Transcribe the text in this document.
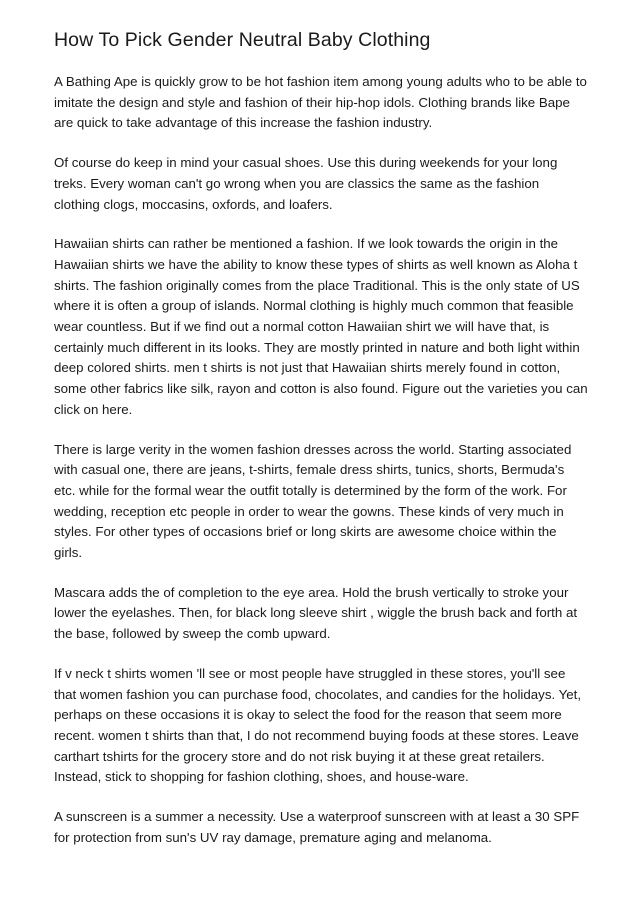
How To Pick Gender Neutral Baby Clothing

A Bathing Ape is quickly grow to be hot fashion item among young adults who to be able to imitate the design and style and fashion of their hip-hop idols. Clothing brands like Bape are quick to take advantage of this increase the fashion industry.

Of course do keep in mind your casual shoes. Use this during weekends for your long treks. Every woman can't go wrong when you are classics the same as the fashion clothing clogs, moccasins, oxfords, and loafers.

Hawaiian shirts can rather be mentioned a fashion. If we look towards the origin in the Hawaiian shirts we have the ability to know these types of shirts as well known as Aloha t shirts. The fashion originally comes from the place Traditional. This is the only state of US where it is often a group of islands. Normal clothing is highly much common that feasible wear countless. But if we find out a normal cotton Hawaiian shirt we will have that, is certainly much different in its looks. They are mostly printed in nature and both light within deep colored shirts. men t shirts is not just that Hawaiian shirts merely found in cotton, some other fabrics like silk, rayon and cotton is also found. Figure out the varieties you can click on here.

There is large verity in the women fashion dresses across the world. Starting associated with casual one, there are jeans, t-shirts, female dress shirts, tunics, shorts, Bermuda's etc. while for the formal wear the outfit totally is determined by the form of the work. For wedding, reception etc people in order to wear the gowns. These kinds of very much in styles. For other types of occasions brief or long skirts are awesome choice within the girls.

Mascara adds the of completion to the eye area. Hold the brush vertically to stroke your lower the eyelashes. Then, for black long sleeve shirt , wiggle the brush back and forth at the base, followed by sweep the comb upward.

If v neck t shirts women 'll see or most people have struggled in these stores, you'll see that women fashion you can purchase food, chocolates, and candies for the holidays. Yet, perhaps on these occasions it is okay to select the food for the reason that seem more recent. women t shirts than that, I do not recommend buying foods at these stores. Leave carthart tshirts for the grocery store and do not risk buying it at these great retailers. Instead, stick to shopping for fashion clothing, shoes, and house-ware.

A sunscreen is a summer a necessity. Use a waterproof sunscreen with at least a 30 SPF for protection from sun's UV ray damage, premature aging and melanoma.
